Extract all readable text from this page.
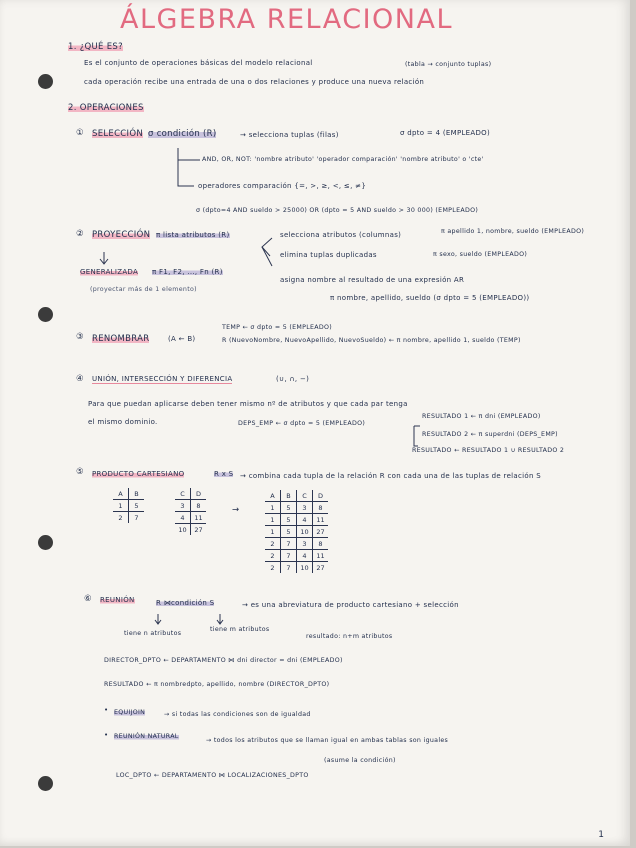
ÁLGEBRA RELACIONAL
1. ¿QUÉ ES?
Es el conjunto de operaciones básicas del modelo relacional	(tabla → conjunto tuplas)
cada operación recibe una entrada de una o dos relaciones y produce una nueva relación
2. OPERACIONES
① SELECCIÓN σ condición (R)	→ selecciona tuplas (filas)	σ dpto = 4 (EMPLEADO)
AND, OR, NOT: 'nombre atributo' 'operador comparación' 'nombre atributo' o 'cte'
operadores comparación {=, >, ≥, <, ≤, ≠}
σ (dpto=4 AND sueldo > 25000) OR (dpto = 5 AND sueldo > 30 000) (EMPLEADO)
② PROYECCIÓN π lista atributos (R)	selecciona atributos (columnas)	π apellido 1, nombre, sueldo (EMPLEADO)
elimina tuplas duplicadas	π sexo, sueldo (EMPLEADO)
GENERALIZADA π F1, F2, ..., Fn (R)
(proyectar más de 1 elemento)
asigna nombre al resultado de una expresión AR
π nombre, apellido, sueldo (σ dpto = 5 (EMPLEADO))
TEMP ← σ dpto = 5 (EMPLEADO)
③ RENOMBRAR	(A ← B)	R (NuevoNombre, NuevoApellido, NuevoSueldo) ← π nombre, apellido 1, sueldo (TEMP)
④ UNIÓN, INTERSECCIÓN Y DIFERENCIA	(∪, ∩, −)
Para que puedan aplicarse deben tener mismo nº de atributos y que cada par tenga
el mismo dominio.	DEPS_EMP ← σ dpto = 5 (EMPLEADO)
RESULTADO 1 ← π dni (EMPLEADO)
RESULTADO 2 ← π superdni (DEPS_EMP)
RESULTADO ← RESULTADO 1 ∪ RESULTADO 2
⑤ PRODUCTO CARTESIANO	R x S → combina cada tupla de la relación R con cada una de las tuplas de relación S
A	B
1	5
2	7
C	D
3	8
4	11
10	27
→
A	B	C	D
1	5	3	8
1	5	4	11
1	5	10	27
2	7	3	8
2	7	4	11
2	7	10	27
⑥ REUNIÓN	R ⋈condición S	→ es una abreviatura de producto cartesiano + selección
tiene n atributos
tiene m atributos
resultado: n+m atributos
DIRECTOR_DPTO ← DEPARTAMENTO ⋈ dni director = dni (EMPLEADO)
RESULTADO ← π nombredpto, apellido, nombre (DIRECTOR_DPTO)
• EQUIJOIN	→ si todas las condiciones son de igualdad
• REUNIÓN NATURAL
→ todos los atributos que se llaman igual en ambas tablas son iguales
(asume la condición)
LOC_DPTO ← DEPARTAMENTO ⋈ LOCALIZACIONES_DPTO
1
